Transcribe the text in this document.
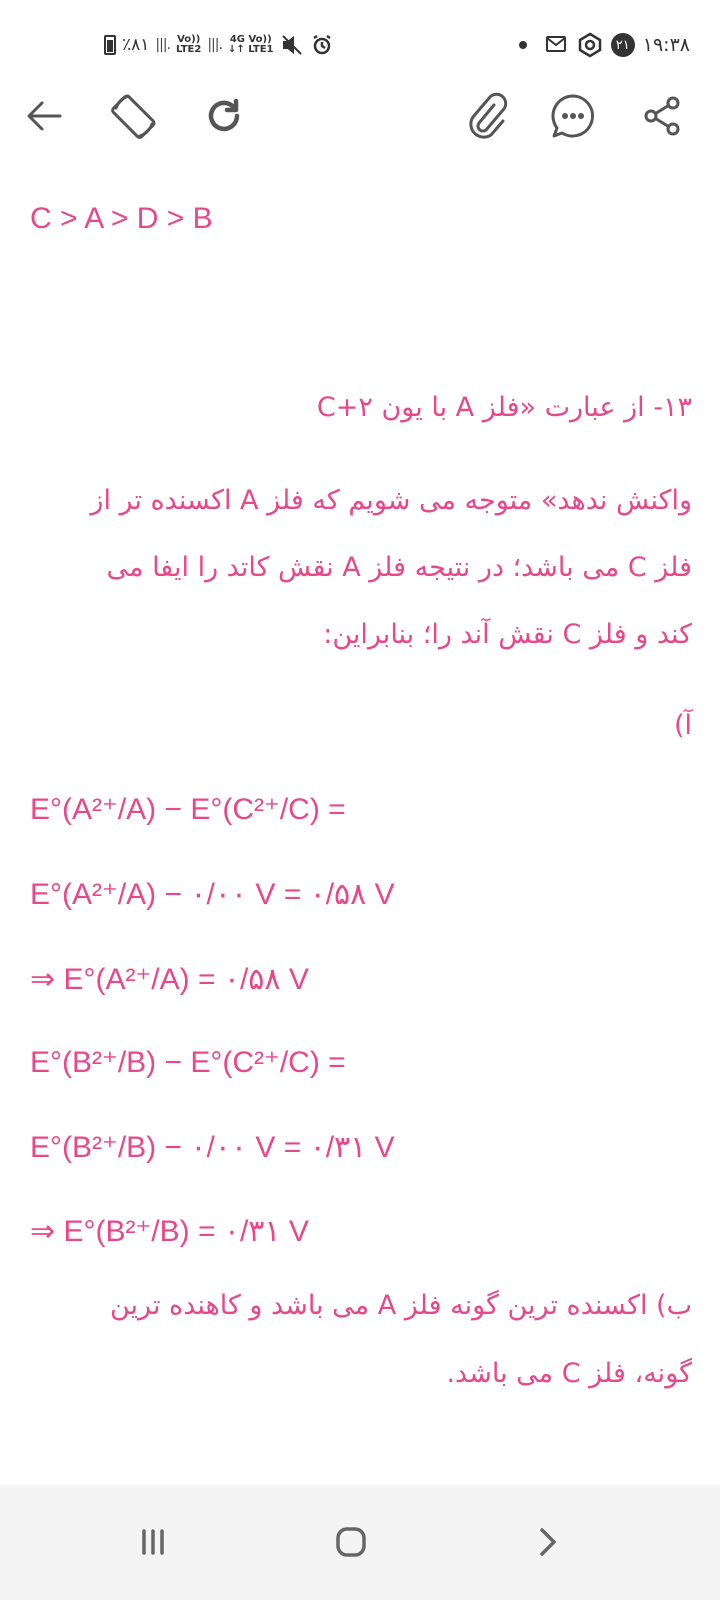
٪۸۱ |||. Vo))
LTE2 |||. 4G Vo))
↓↑ LTE1	۲۱ ۱۹:۳۸
C > A > D > B
۱۳- از عبارت «فلز A با یون C+۲
واکنش ندهد» متوجه می شویم که فلز A اکسنده تر از
فلز C می باشد؛ در نتیجه فلز A نقش کاتد را ایفا می
کند و فلز C نقش آند را؛ بنابراین:
آ)
E°(A²⁺/A) − E°(C²⁺/C) =
E°(A²⁺/A) − ٠/٠٠ V = ٠/۵۸ V
⇒ E°(A²⁺/A) = ٠/۵۸ V
E°(B²⁺/B) − E°(C²⁺/C) =
E°(B²⁺/B) − ٠/٠٠ V = ٠/۳۱ V
⇒ E°(B²⁺/B) = ٠/۳۱ V
ب) اکسنده ترین گونه فلز A می باشد و کاهنده ترین
گونه، فلز C می باشد.
